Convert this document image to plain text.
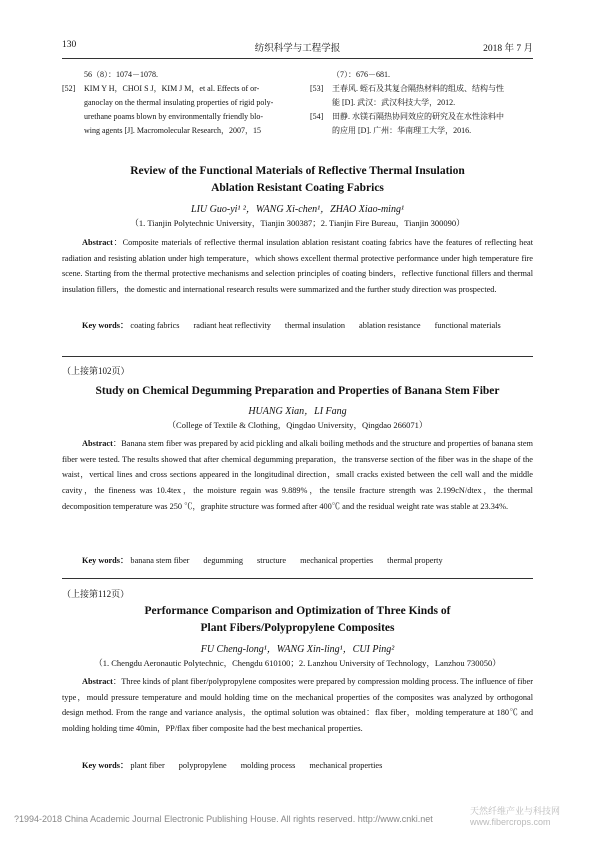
130	纺织科学与工程学报	2018 年 7 月
56（8）：1074－1078.
[52] KIM Y H，CHOI S J，KIM J M，et al. Effects of or-
ganoclay on the thermal insulating properties of rigid poly-
urethane poams blown by environmentally friendly blo-
wing agents [J]. Macromolecular Research，2007，15
（7）：676－681.
[53] 王春风. 蛭石及其复合隔热材料的组成、结构与性
能 [D]. 武汉：武汉科技大学，2012.
[54] 田静. 水镁石隔热协同效应的研究及在水性涂料中
的应用 [D]. 广州：华南理工大学，2016.
Review of the Functional Materials of Reflective Thermal Insulation
Ablation Resistant Coating Fabrics
LIU Guo-yi¹ ²，WANG Xi-chen¹，ZHAO Xiao-ming¹
（1. Tianjin Polytechnic University，Tianjin 300387；2. Tianjin Fire Bureau，Tianjin 300090）
Abstract：Composite materials of reflective thermal insulation ablation resistant coating fabrics have the features of reflecting heat radiation and resisting ablation under high temperature，which shows excellent thermal protective performance under high temperature fire scene. Starting from the thermal protective mechanisms and selection principles of coating binders，reflective functional fillers and thermal insulation fillers，the domestic and international research results were summarized and the further study direction was prospected.
Key words： coating fabrics radiant heat reflectivity thermal insulation ablation resistance functional materials
（上接第102页）
Study on Chemical Degumming Preparation and Properties of Banana Stem Fiber
HUANG Xian，LI Fang
（College of Textile & Clothing，Qingdao University，Qingdao 266071）
Abstract：Banana stem fiber was prepared by acid pickling and alkali boiling methods and the structure and properties of banana stem fiber were tested. The results showed that after chemical degumming preparation，the transverse section of the fiber was in the shape of the waist，vertical lines and cross sections appeared in the longitudinal direction，small cracks existed between the cell wall and the middle cavity，the fineness was 10.4tex，the moisture regain was 9.889%，the tensile fracture strength was 2.199cN/dtex，the thermal decomposition temperature was 250 ℃，graphite structure was formed after 400℃ and the residual weight rate was stable at 23.34%.
Key words： banana stem fiber degumming structure mechanical properties thermal property
（上接第112页）
Performance Comparison and Optimization of Three Kinds of
Plant Fibers/Polypropylene Composites
FU Cheng-long¹，WANG Xin-ling¹，CUI Ping²
（1. Chengdu Aeronautic Polytechnic，Chengdu 610100；2. Lanzhou University of Technology，Lanzhou 730050）
Abstract：Three kinds of plant fiber/polypropylene composites were prepared by compression molding process. The influence of fiber type，mould pressure temperature and mould holding time on the mechanical properties of the composites was analyzed by orthogonal design method. From the range and variance analysis，the optimal solution was obtained：flax fiber，molding temperature at 180℃ and molding holding time 40min，PP/flax fiber composite had the best mechanical properties.
Key words： plant fiber polypropylene molding process mechanical properties
?1994-2018 China Academic Journal Electronic Publishing House. All rights reserved. http://www.cnki.net
天然纤维产业与科技网
www.fibercrops.com
